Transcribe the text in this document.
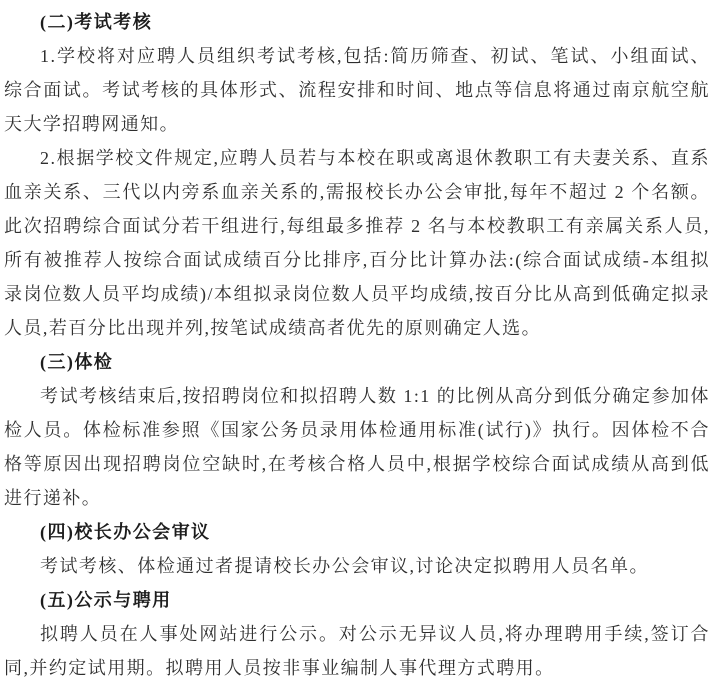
(二)考试考核

1.学校将对应聘人员组织考试考核,包括:简历筛查、初试、笔试、小组面试、综合面试。考试考核的具体形式、流程安排和时间、地点等信息将通过南京航空航天大学招聘网通知。

2.根据学校文件规定,应聘人员若与本校在职或离退休教职工有夫妻关系、直系血亲关系、三代以内旁系血亲关系的,需报校长办公会审批,每年不超过 2 个名额。此次招聘综合面试分若干组进行,每组最多推荐 2 名与本校教职工有亲属关系人员,所有被推荐人按综合面试成绩百分比排序,百分比计算办法:(综合面试成绩-本组拟录岗位数人员平均成绩)/本组拟录岗位数人员平均成绩,按百分比从高到低确定拟录人员,若百分比出现并列,按笔试成绩高者优先的原则确定人选。

(三)体检

考试考核结束后,按招聘岗位和拟招聘人数 1:1 的比例从高分到低分确定参加体检人员。体检标准参照《国家公务员录用体检通用标准(试行)》执行。因体检不合格等原因出现招聘岗位空缺时,在考核合格人员中,根据学校综合面试成绩从高到低进行递补。

(四)校长办公会审议

考试考核、体检通过者提请校长办公会审议,讨论决定拟聘用人员名单。

(五)公示与聘用

拟聘人员在人事处网站进行公示。对公示无异议人员,将办理聘用手续,签订合同,并约定试用期。拟聘用人员按非事业编制人事代理方式聘用。
